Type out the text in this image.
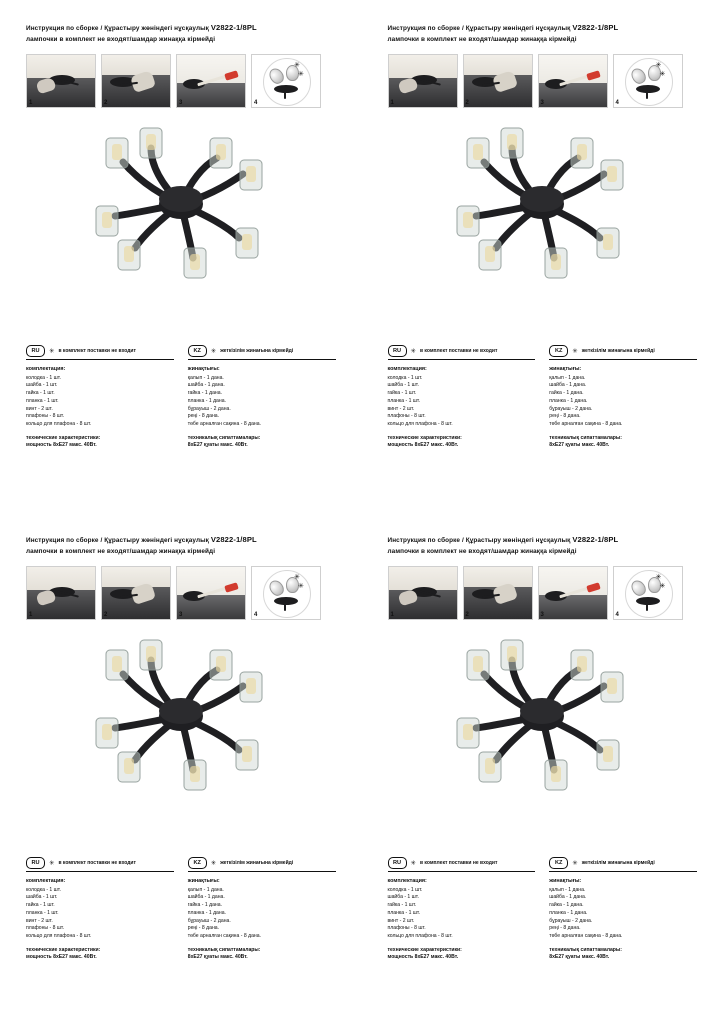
Инструкция по сборке / Құрастыру жөніндегі нұсқаулық V2822-1/8PL
лампочки в комплект не входят/шамдар жинаққа кірмейді
1	2	3
✳
✳
4
RU	✳ в комплект поставки не входит
комплектация:
колодка - 1 шт.
шайба - 1 шт.
гайка - 1 шт.
планка - 1 шт.
винт - 2 шт.
плафоны - 8 шт.
кольцо для плафона - 8 шт.
технические характеристики:
мощность 8xE27 макс. 40Вт.
KZ	✳ жеткізілім жинағына кірмейді
жинақтығы:
қалып - 1 дана.
шайба - 1 дана.
гайка - 1 дана.
планка - 1 дана.
бұрауыш - 2 дана.
реңі - 8 дана.
төбе арналған сақина - 8 дана.
техникалық сипаттамалары:
8xE27 қуаты макс. 40Вт.
Инструкция по сборке / Құрастыру жөніндегі нұсқаулық V2822-1/8PL
лампочки в комплект не входят/шамдар жинаққа кірмейді
1	2	3
✳
✳
4
RU	✳ в комплект поставки не входит
комплектация:
колодка - 1 шт.
шайба - 1 шт.
гайка - 1 шт.
планка - 1 шт.
винт - 2 шт.
плафоны - 8 шт.
кольцо для плафона - 8 шт.
технические характеристики:
мощность 8xE27 макс. 40Вт.
KZ	✳ жеткізілім жинағына кірмейді
жинақтығы:
қалып - 1 дана.
шайба - 1 дана.
гайка - 1 дана.
планка - 1 дана.
бұрауыш - 2 дана.
реңі - 8 дана.
төбе арналған сақина - 8 дана.
техникалық сипаттамалары:
8xE27 қуаты макс. 40Вт.
Инструкция по сборке / Құрастыру жөніндегі нұсқаулық V2822-1/8PL
лампочки в комплект не входят/шамдар жинаққа кірмейді
1	2	3
✳
✳
4
RU	✳ в комплект поставки не входит
комплектация:
колодка - 1 шт.
шайба - 1 шт.
гайка - 1 шт.
планка - 1 шт.
винт - 2 шт.
плафоны - 8 шт.
кольцо для плафона - 8 шт.
технические характеристики:
мощность 8xE27 макс. 40Вт.
KZ	✳ жеткізілім жинағына кірмейді
жинақтығы:
қалып - 1 дана.
шайба - 1 дана.
гайка - 1 дана.
планка - 1 дана.
бұрауыш - 2 дана.
реңі - 8 дана.
төбе арналған сақина - 8 дана.
техникалық сипаттамалары:
8xE27 қуаты макс. 40Вт.
Инструкция по сборке / Құрастыру жөніндегі нұсқаулық V2822-1/8PL
лампочки в комплект не входят/шамдар жинаққа кірмейді
1	2	3
✳
✳
4
RU	✳ в комплект поставки не входит
комплектация:
колодка - 1 шт.
шайба - 1 шт.
гайка - 1 шт.
планка - 1 шт.
винт - 2 шт.
плафоны - 8 шт.
кольцо для плафона - 8 шт.
технические характеристики:
мощность 8xE27 макс. 40Вт.
KZ	✳ жеткізілім жинағына кірмейді
жинақтығы:
қалып - 1 дана.
шайба - 1 дана.
гайка - 1 дана.
планка - 1 дана.
бұрауыш - 2 дана.
реңі - 8 дана.
төбе арналған сақина - 8 дана.
техникалық сипаттамалары:
8xE27 қуаты макс. 40Вт.
